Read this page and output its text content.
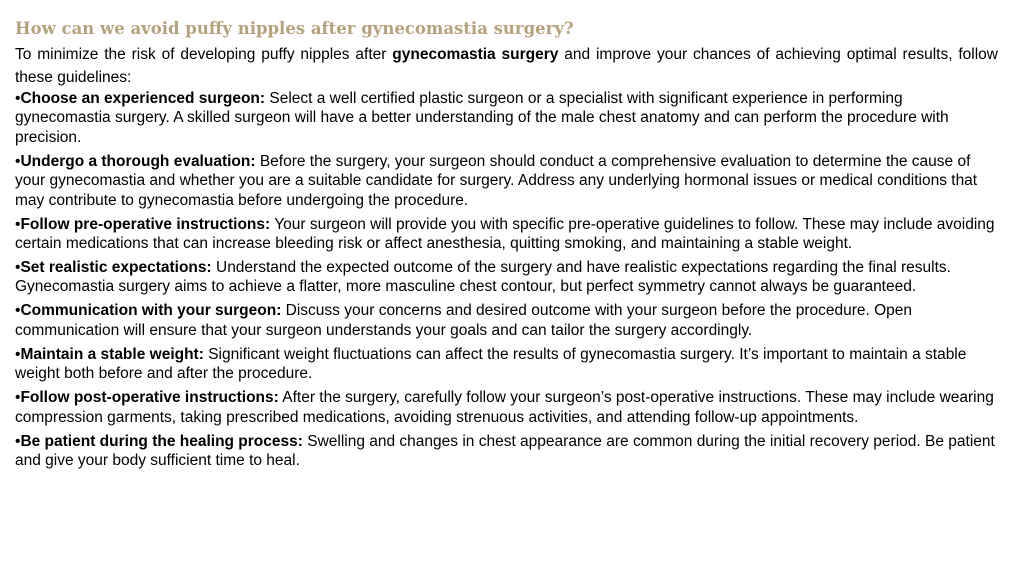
How can we avoid puffy nipples after gynecomastia surgery?

To minimize the risk of developing puffy nipples after gynecomastia surgery and improve your chances of achieving optimal results, follow these guidelines:

•Choose an experienced surgeon: Select a well certified plastic surgeon or a specialist with significant experience in performing gynecomastia surgery. A skilled surgeon will have a better understanding of the male chest anatomy and can perform the procedure with precision.
•Undergo a thorough evaluation: Before the surgery, your surgeon should conduct a comprehensive evaluation to determine the cause of your gynecomastia and whether you are a suitable candidate for surgery. Address any underlying hormonal issues or medical conditions that may contribute to gynecomastia before undergoing the procedure.
•Follow pre-operative instructions: Your surgeon will provide you with specific pre-operative guidelines to follow. These may include avoiding certain medications that can increase bleeding risk or affect anesthesia, quitting smoking, and maintaining a stable weight.
•Set realistic expectations: Understand the expected outcome of the surgery and have realistic expectations regarding the final results. Gynecomastia surgery aims to achieve a flatter, more masculine chest contour, but perfect symmetry cannot always be guaranteed.
•Communication with your surgeon: Discuss your concerns and desired outcome with your surgeon before the procedure. Open communication will ensure that your surgeon understands your goals and can tailor the surgery accordingly.
•Maintain a stable weight: Significant weight fluctuations can affect the results of gynecomastia surgery. It’s important to maintain a stable weight both before and after the procedure.
•Follow post-operative instructions: After the surgery, carefully follow your surgeon’s post-operative instructions. These may include wearing compression garments, taking prescribed medications, avoiding strenuous activities, and attending follow-up appointments.
•Be patient during the healing process: Swelling and changes in chest appearance are common during the initial recovery period. Be patient and give your body sufficient time to heal.
